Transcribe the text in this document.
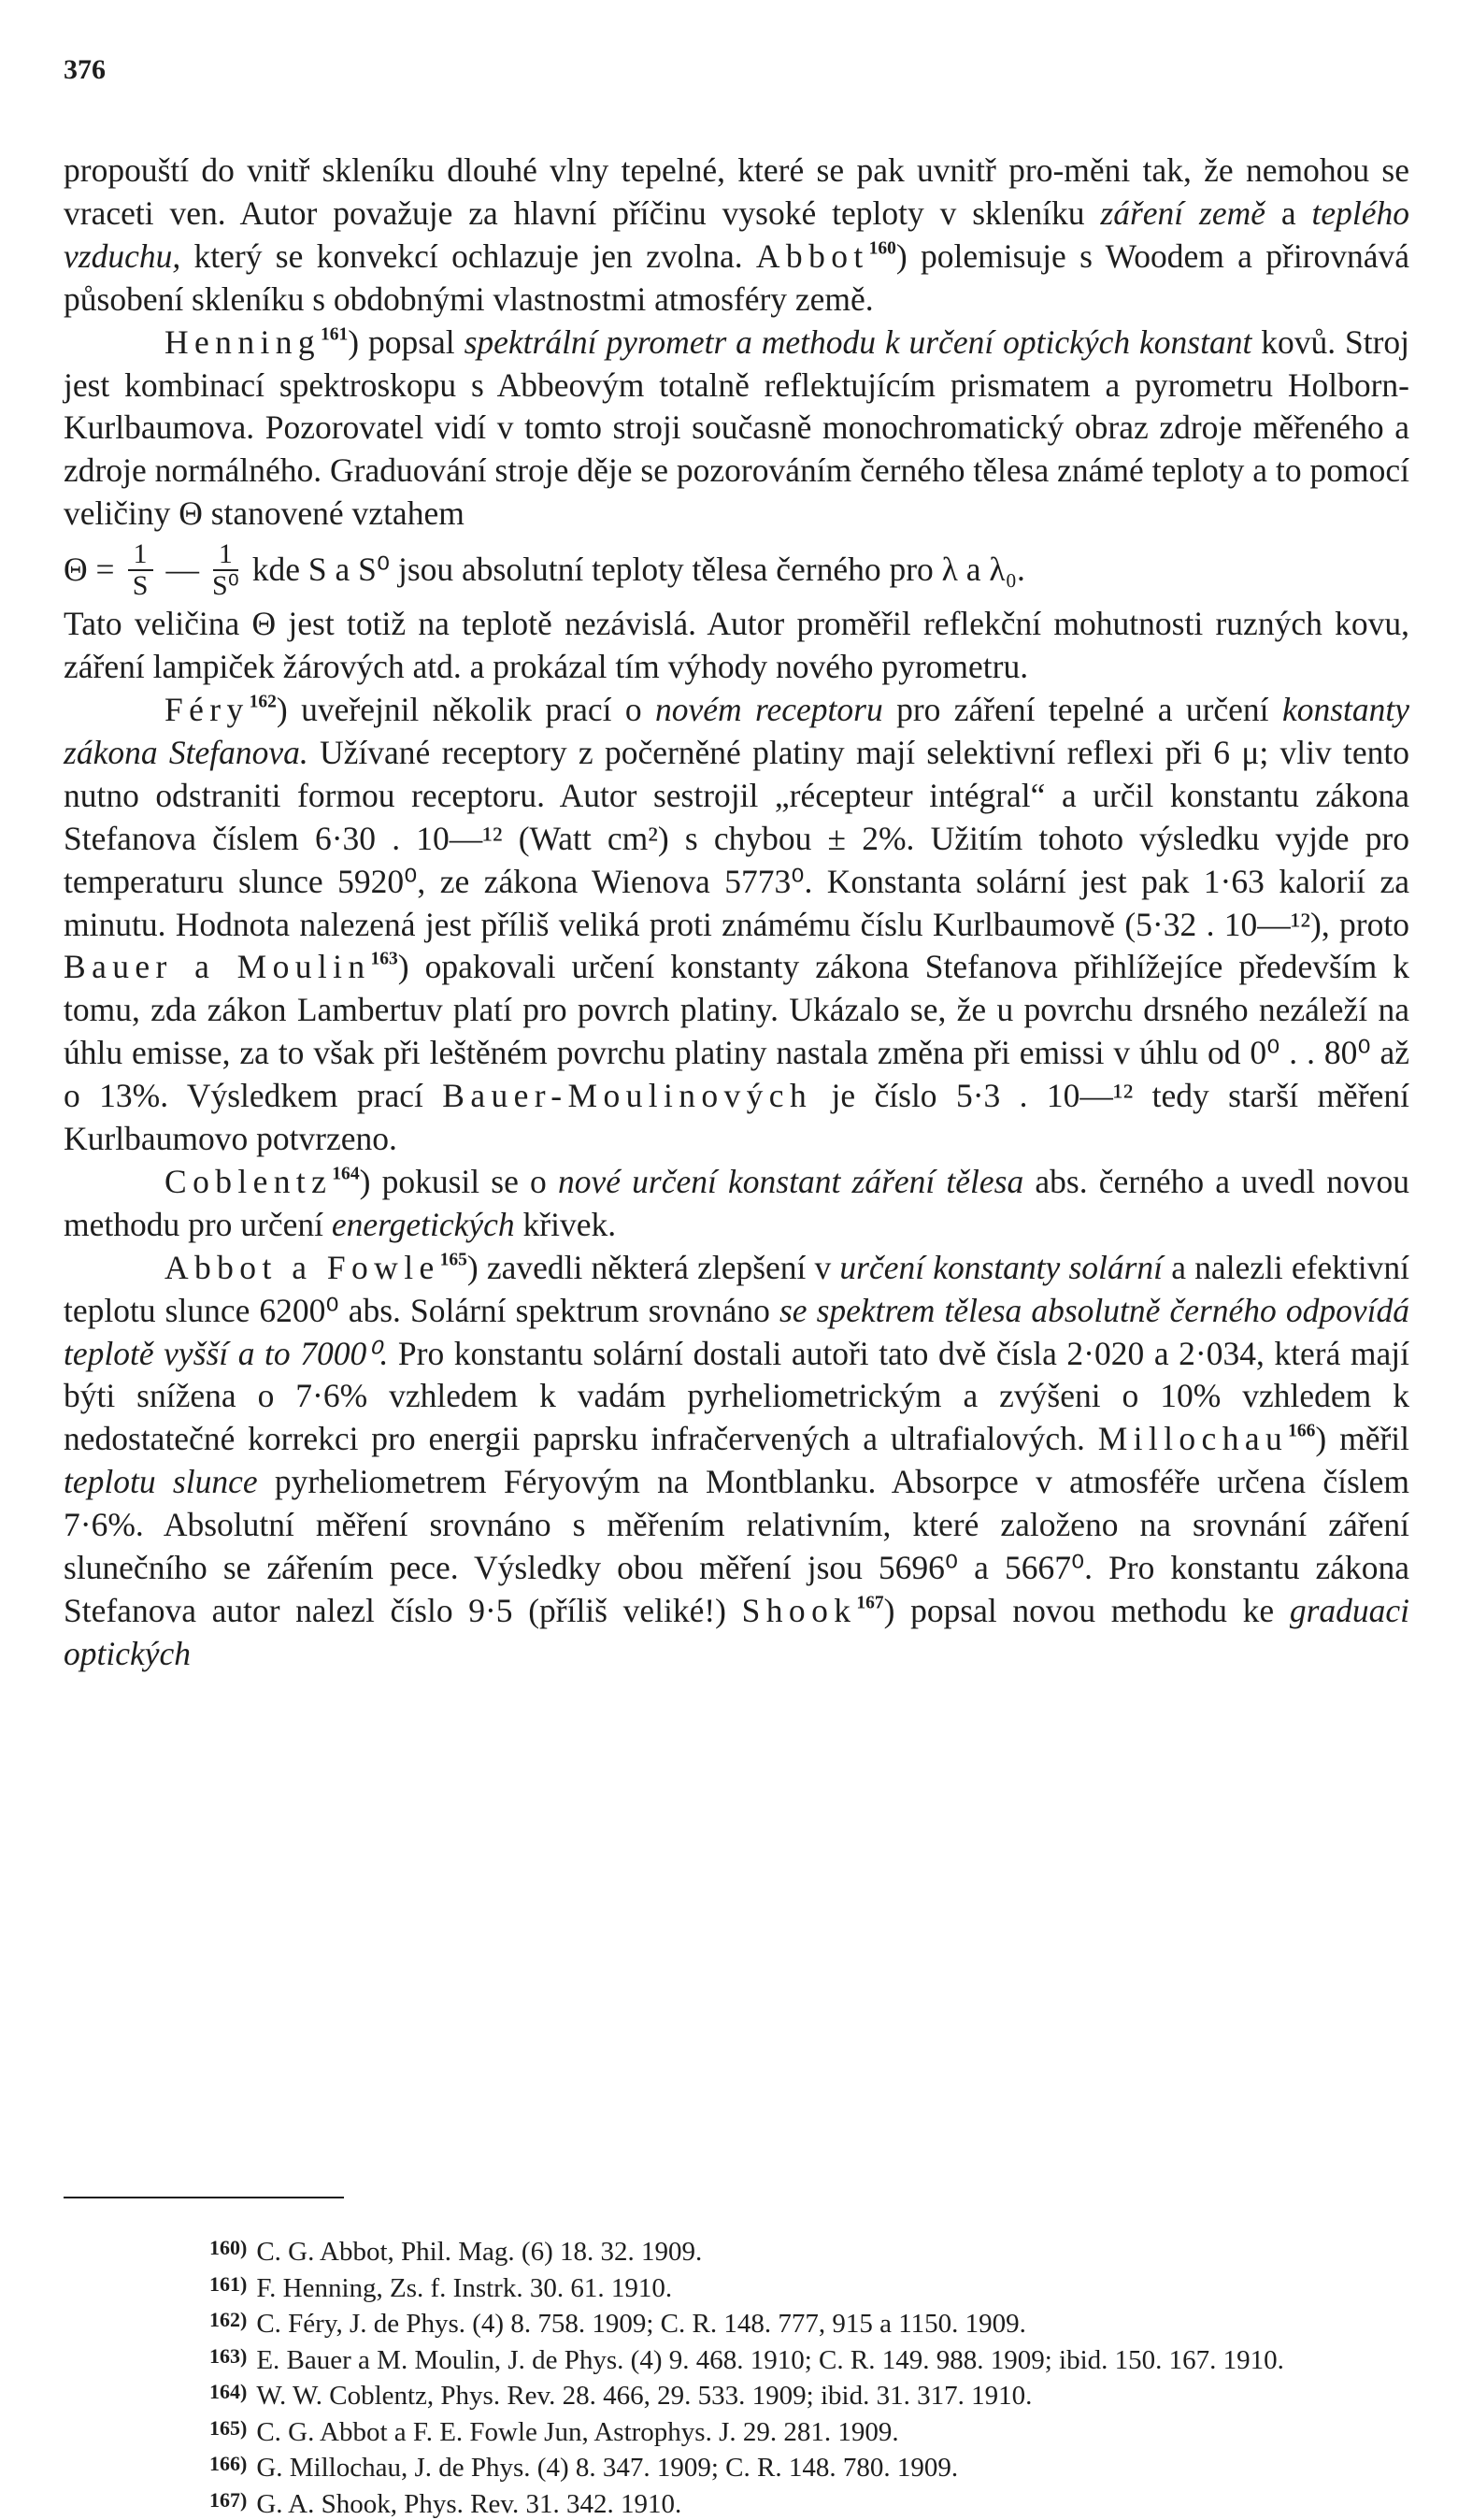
376

propouští do vnitř skleníku dlouhé vlny tepelné, které se pak uvnitř pro-měni tak, že nemohou se vraceti ven. Autor považuje za hlavní příčinu vysoké teploty v skleníku záření země a teplého vzduchu, který se konvekcí ochlazuje jen zvolna. Abbot$^{160}$) polemisuje s Woodem a přirovnává působení skleníku s obdobnými vlastnostmi atmosféry země.

Henning$^{161}$) popsal spektrální pyrometr a methodu k určení optických konstant kovů. Stroj jest kombinací spektroskopu s Abbeovým totalně reflektujícím prismatem a pyrometru Holborn-Kurlbaumova. Pozorovatel vidí v tomto stroji současně monochromatický obraz zdroje měřeného a zdroje normálného. Graduování stroje děje se pozorováním černého tělesa známé teploty a to pomocí veličiny Θ stanovené vztahem

$\Theta = \frac{1}{S}$ — $\frac{1}{\text{S⁰}}$ kde S a S⁰ jsou absolutní teploty tělesa černého pro λ a λ₀.

Tato veličina Θ jest totiž na teplotě nezávislá. Autor proměřil reflekční mohutnosti ruzných kovu, záření lampiček žárových atd. a prokázal tím výhody nového pyrometru.

Féry$^{162}$) uveřejnil několik prací o novém receptoru pro záření tepelné a určení konstanty zákona Stefanova. Užívané receptory z počerněné platiny mají selektivní reflexi při 6 μ; vliv tento nutno odstraniti formou receptoru. Autor sestrojil „récepteur intégral“ a určil konstantu zákona Stefanova číslem 6·30 . 10—¹² (Watt cm²) s chybou ± 2%. Užitím tohoto výsledku vyjde pro temperaturu slunce 5920⁰, ze zákona Wienova 5773⁰. Konstanta solární jest pak 1·63 kalorií za minutu. Hodnota nalezená jest příliš veliká proti známému číslu Kurlbaumově (5·32 . 10—¹²), proto Bauer a Moulin$^{163}$) opakovali určení konstanty zákona Stefanova přihlížejíce především k tomu, zda zákon Lambertuv platí pro povrch platiny. Ukázalo se, že u povrchu drsného nezáleží na úhlu emisse, za to však při leštěném povrchu platiny nastala změna při emissi v úhlu od 0⁰ . . 80⁰ až o 13%. Výsledkem prací Bauer-Moulinových je číslo 5·3 . 10—¹² tedy starší měření Kurlbaumovo potvrzeno.

Coblentz$^{164}$) pokusil se o nové určení konstant záření tělesa abs. černého a uvedl novou methodu pro určení energetických křivek.

Abbot a Fowle$^{165}$) zavedli některá zlepšení v určení konstanty solární a nalezli efektivní teplotu slunce 6200⁰ abs. Solární spektrum srovnáno se spektrem tělesa absolutně černého odpovídá teplotě vyšší a to 7000⁰. Pro konstantu solární dostali autoři tato dvě čísla 2·020 a 2·034, která mají býti snížena o 7·6% vzhledem k vadám pyrheliometrickým a zvýšeni o 10% vzhledem k nedostatečné korrekci pro energii paprsku infračervených a ultrafialových. Millochau$^{166}$) měřil teplotu slunce pyrheliometrem Féryovým na Montblanku. Absorpce v atmosféře určena číslem 7·6%. Absolutní měření srovnáno s měřením relativním, které založeno na srovnání záření slunečního se zářením pece. Výsledky obou měření jsou 5696⁰ a 5667⁰. Pro konstantu zákona Stefanova autor nalezl číslo 9·5 (příliš veliké!) Shook$^{167}$) popsal novou methodu ke graduaci optických

160) C. G. Abbot, Phil. Mag. (6) 18. 32. 1909.
161) F. Henning, Zs. f. Instrk. 30. 61. 1910.
162) C. Féry, J. de Phys. (4) 8. 758. 1909; C. R. 148. 777, 915 a 1150. 1909.
163) E. Bauer a M. Moulin, J. de Phys. (4) 9. 468. 1910; C. R. 149. 988. 1909; ibid. 150. 167. 1910.
164) W. W. Coblentz, Phys. Rev. 28. 466, 29. 533. 1909; ibid. 31. 317. 1910.
165) C. G. Abbot a F. E. Fowle Jun, Astrophys. J. 29. 281. 1909.
166) G. Millochau, J. de Phys. (4) 8. 347. 1909; C. R. 148. 780. 1909.
167) G. A. Shook, Phys. Rev. 31. 342. 1910.
